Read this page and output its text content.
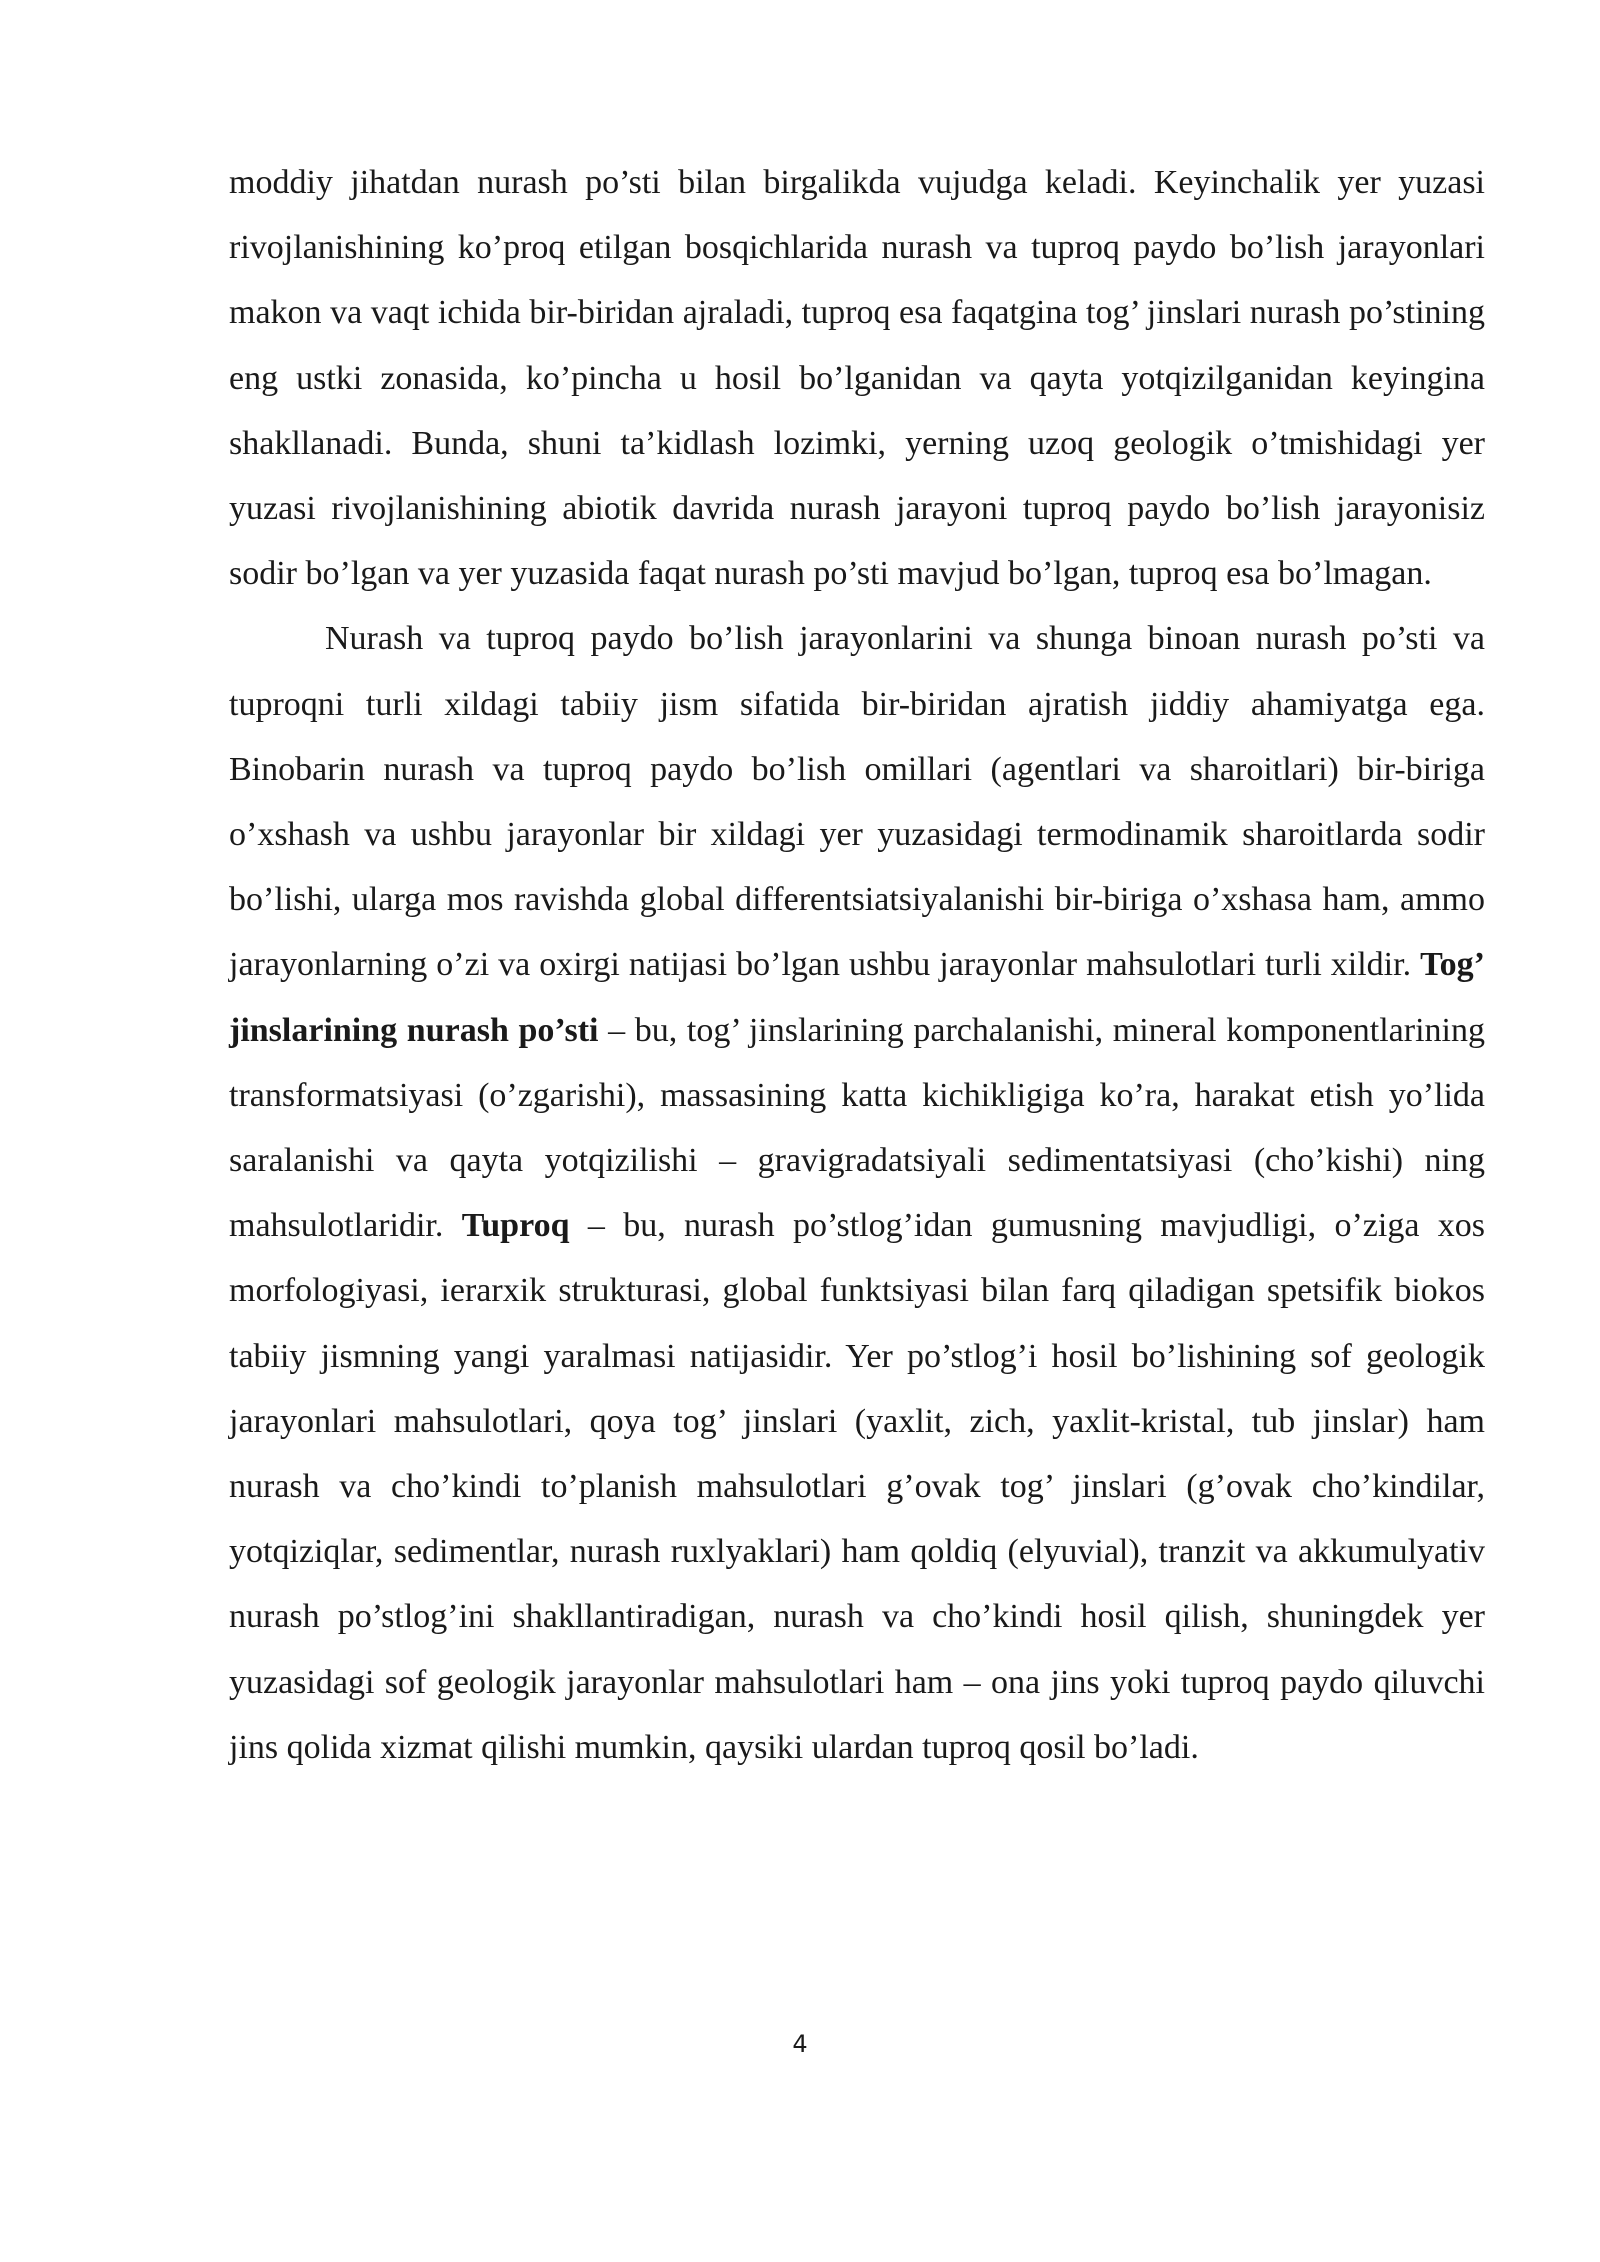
moddiy jihatdan nurash po’sti bilan birgalikda vujudga keladi. Keyinchalik yer yuzasi rivojlanishining ko’proq etilgan bosqichlarida nurash va tuproq paydo bo’lish jarayonlari makon va vaqt ichida bir-biridan ajraladi, tuproq esa faqatgina tog’ jinslari nurash po’stining eng ustki zonasida, ko’pincha u hosil bo’lganidan va qayta yotqizilganidan keyingina shakllanadi. Bunda, shuni ta’kidlash lozimki, yerning uzoq geologik o’tmishidagi yer yuzasi rivojlanishining abiotik davrida nurash jarayoni tuproq paydo bo’lish jarayonisiz sodir bo’lgan va yer yuzasida faqat nurash po’sti mavjud bo’lgan, tuproq esa bo’lmagan.

Nurash va tuproq paydo bo’lish jarayonlarini va shunga binoan nurash po’sti va tuproqni turli xildagi tabiiy jism sifatida bir-biridan ajratish jiddiy ahamiyatga ega. Binobarin nurash va tuproq paydo bo’lish omillari (agentlari va sharoitlari) bir-biriga o’xshash va ushbu jarayonlar bir xildagi yer yuzasidagi termodinamik sharoitlarda sodir bo’lishi, ularga mos ravishda global differentsiatsiyalanishi bir-biriga o’xshasa ham, ammo jarayonlarning o’zi va oxirgi natijasi bo’lgan ushbu jarayonlar mahsulotlari turli xildir. Tog’ jinslarining nurash po’sti – bu, tog’ jinslarining parchalanishi, mineral komponentlarining transformatsiyasi (o’zgarishi), massasining katta kichikligiga ko’ra, harakat etish yo’lida saralanishi va qayta yotqizilishi – gravigradatsiyali sedimentatsiyasi (cho’kishi) ning mahsulotlaridir. Tuproq – bu, nurash po’stlog’idan gumusning mavjudligi, o’ziga xos morfologiyasi, ierarxik strukturasi, global funktsiyasi bilan farq qiladigan spetsifik biokos tabiiy jismning yangi yaralmasi natijasidir. Yer po’stlog’i hosil bo’lishining sof geologik jarayonlari mahsulotlari, qoya tog’ jinslari (yaxlit, zich, yaxlit-kristal, tub jinslar) ham nurash va cho’kindi to’planish mahsulotlari g’ovak tog’ jinslari (g’ovak cho’kindilar, yotqiziqlar, sedimentlar, nurash ruxlyaklari) ham qoldiq (elyuvial), tranzit va akkumulyativ nurash po’stlog’ini shakllantiradigan, nurash va cho’kindi hosil qilish, shuningdek yer yuzasidagi sof geologik jarayonlar mahsulotlari ham – ona jins yoki tuproq paydo qiluvchi jins qolida xizmat qilishi mumkin, qaysiki ulardan tuproq qosil bo’ladi.

4
